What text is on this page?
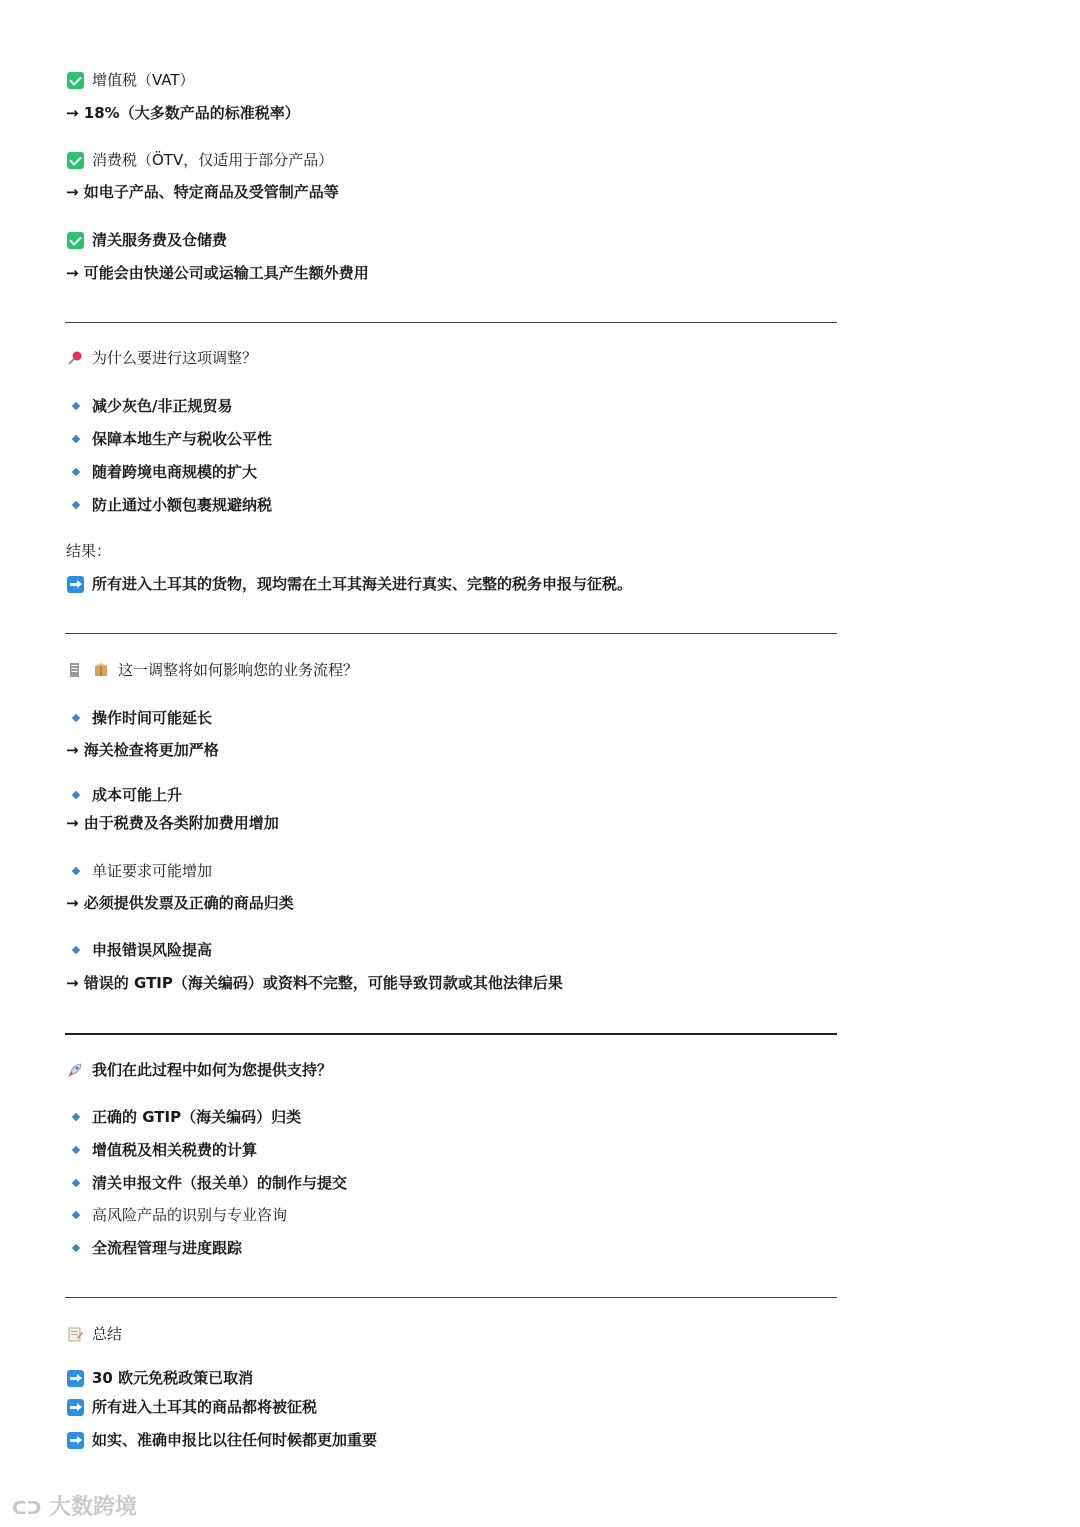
增值税（VAT）
→ 18%（大多数产品的标准税率）
消费税（ÖTV，仅适用于部分产品）
→ 如电子产品、特定商品及受管制产品等
清关服务费及仓储费
→ 可能会由快递公司或运输工具产生额外费用
为什么要进行这项调整？
减少灰色/非正规贸易
保障本地生产与税收公平性
随着跨境电商规模的扩大
防止通过小额包裹规避纳税
结果：
所有进入土耳其的货物，现均需在土耳其海关进行真实、完整的税务申报与征税。
这一调整将如何影响您的业务流程？
操作时间可能延长
→ 海关检查将更加严格
成本可能上升
→ 由于税费及各类附加费用增加
单证要求可能增加
→ 必须提供发票及正确的商品归类
申报错误风险提高
→ 错误的 GTIP（海关编码）或资料不完整，可能导致罚款或其他法律后果
我们在此过程中如何为您提供支持？
正确的 GTIP（海关编码）归类
增值税及相关税费的计算
清关申报文件（报关单）的制作与提交
高风险产品的识别与专业咨询
全流程管理与进度跟踪
总结
30 欧元免税政策已取消
所有进入土耳其的商品都将被征税
如实、准确申报比以往任何时候都更加重要
ᑕᑐ 大数跨境
